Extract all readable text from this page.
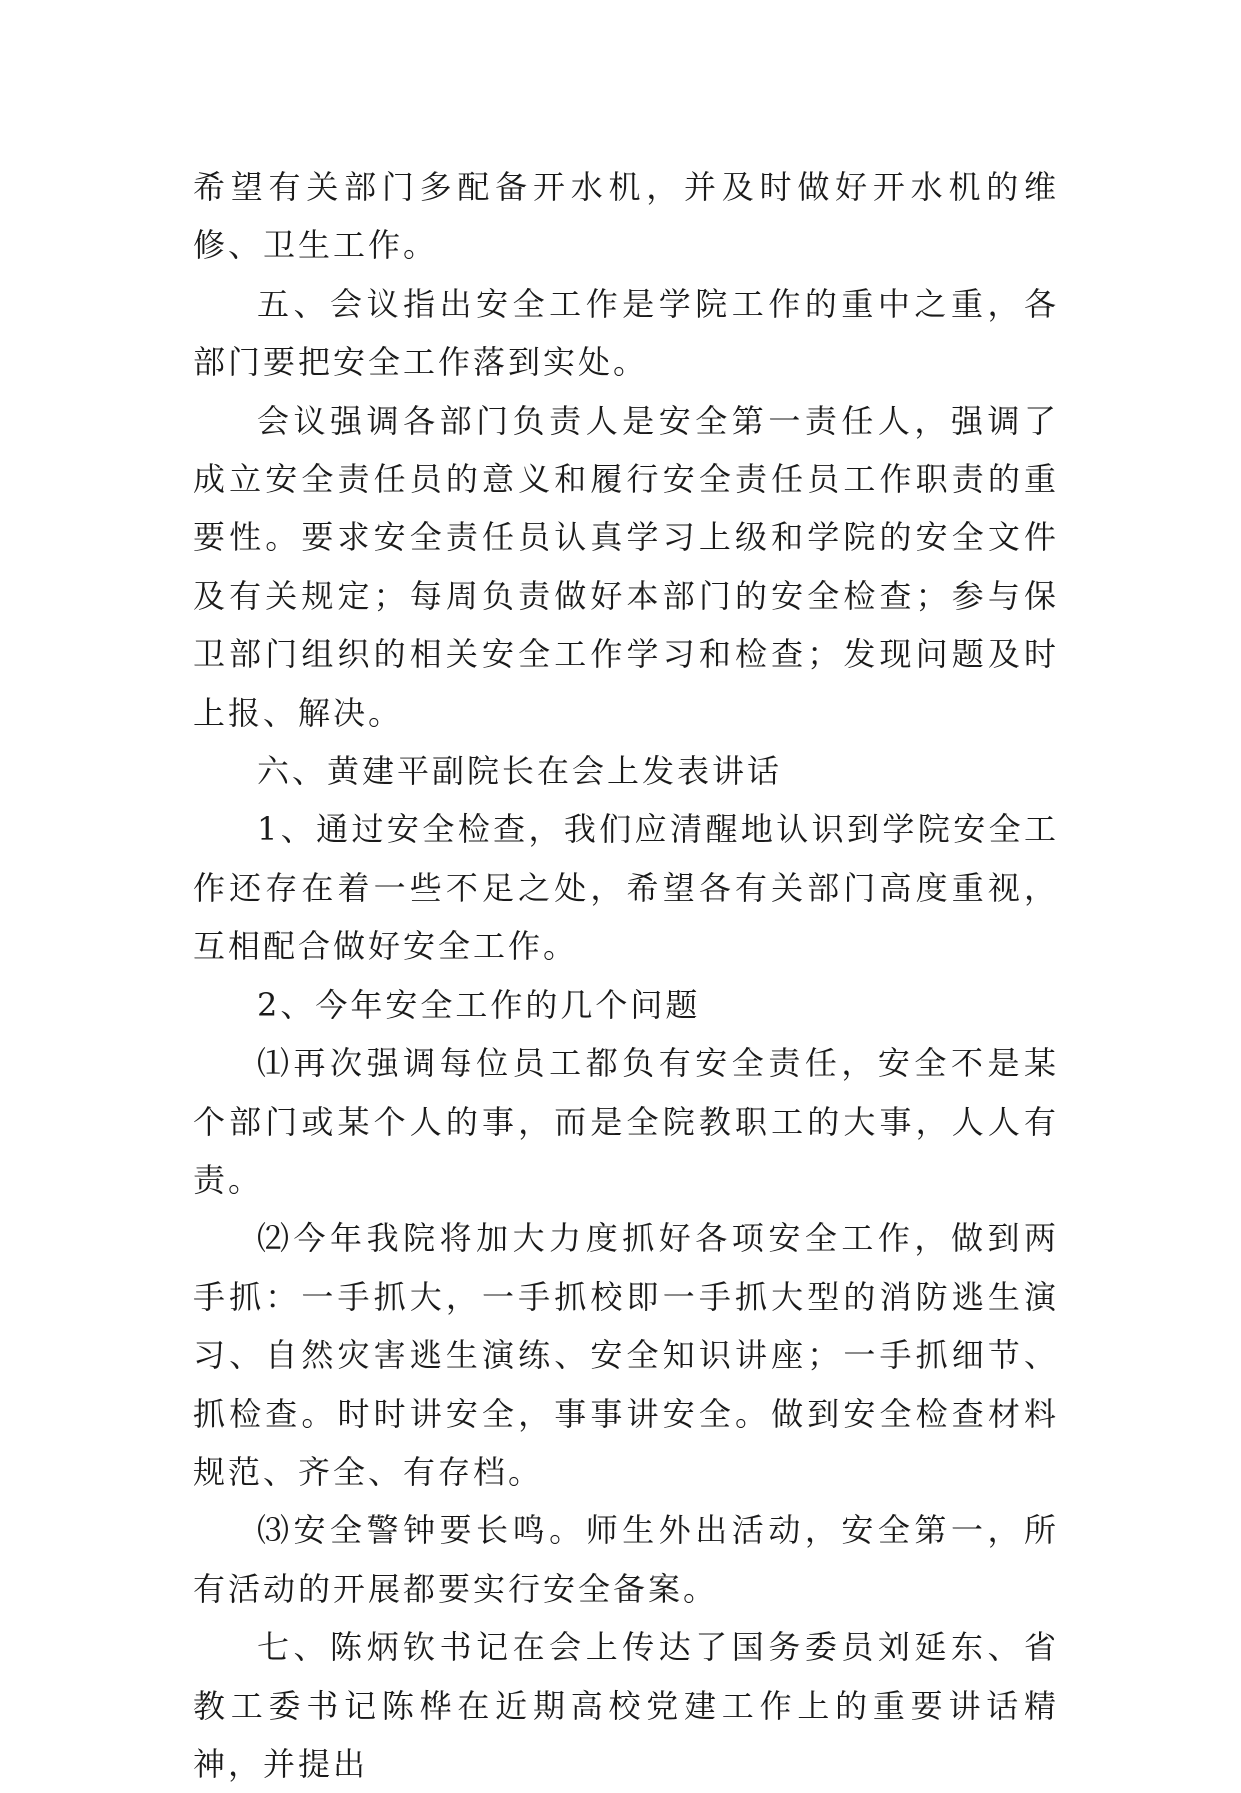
希望有关部门多配备开水机，并及时做好开水机的维修、卫生工作。

五、会议指出安全工作是学院工作的重中之重，各部门要把安全工作落到实处。

会议强调各部门负责人是安全第一责任人，强调了成立安全责任员的意义和履行安全责任员工作职责的重要性。要求安全责任员认真学习上级和学院的安全文件及有关规定；每周负责做好本部门的安全检查；参与保卫部门组织的相关安全工作学习和检查；发现问题及时上报、解决。

六、黄建平副院长在会上发表讲话

1、通过安全检查，我们应清醒地认识到学院安全工作还存在着一些不足之处，希望各有关部门高度重视，互相配合做好安全工作。

2、今年安全工作的几个问题

⑴再次强调每位员工都负有安全责任，安全不是某个部门或某个人的事，而是全院教职工的大事，人人有责。

⑵今年我院将加大力度抓好各项安全工作，做到两手抓：一手抓大，一手抓校即一手抓大型的消防逃生演习、自然灾害逃生演练、安全知识讲座；一手抓细节、抓检查。时时讲安全，事事讲安全。做到安全检查材料规范、齐全、有存档。

⑶安全警钟要长鸣。师生外出活动，安全第一，所有活动的开展都要实行安全备案。

七、陈炳钦书记在会上传达了国务委员刘延东、省教工委书记陈桦在近期高校党建工作上的重要讲话精神，并提出
